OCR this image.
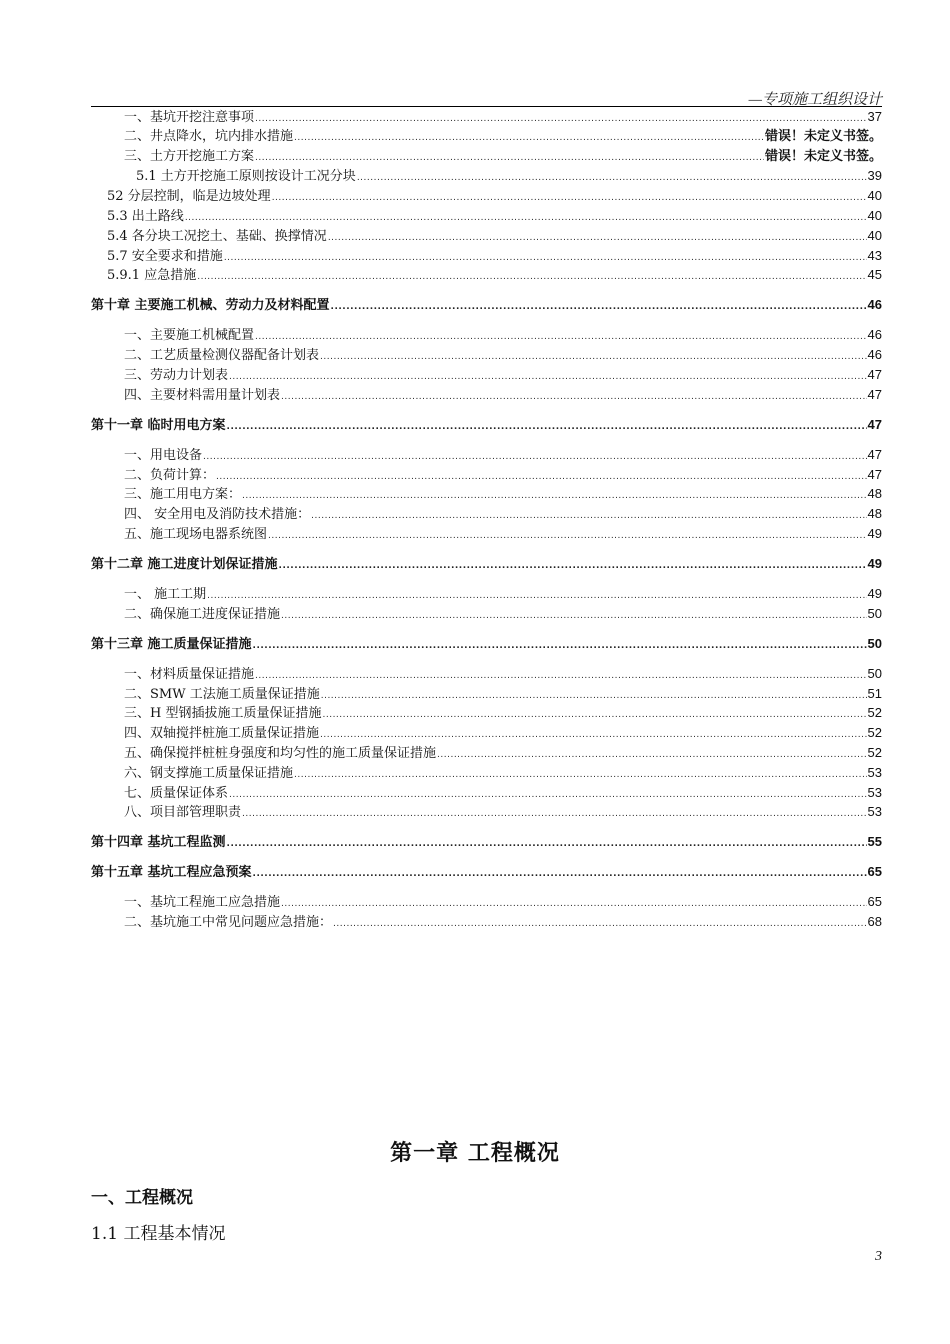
—专项施工组织设计
一、基坑开挖注意事项 .....	37
二、井点降水，坑内排水措施 .....	错误！未定义书签。
三、土方开挖施工方案 .....	错误！未定义书签。
5.1 土方开挖施工原则按设计工况分块 .....	39
52 分层控制，临是边坡处理 .....	40
5.3 出土路线 .....	40
5.4 各分块工况挖土、基础、换撑情况 .....	40
5.7 安全要求和措施 .....	43
5.9.1 应急措施 .....	45
第十章 主要施工机械、劳动力及材料配置 .....	46
一、主要施工机械配置 .....	46
二、工艺质量检测仪器配备计划表 .....	46
三、劳动力计划表 .....	47
四、主要材料需用量计划表 .....	47
第十一章 临时用电方案 .....	47
一、用电设备 .....	47
二、负荷计算： .....	47
三、施工用电方案： .....	48
四、 安全用电及消防技术措施： .....	48
五、施工现场电器系统图 .....	49
第十二章 施工进度计划保证措施 .....	49
一、 施工工期 .....	49
二、确保施工进度保证措施 .....	50
第十三章 施工质量保证措施 .....	50
一、材料质量保证措施 .....	50
二、SMW 工法施工质量保证措施 .....	51
三、H 型钢插拔施工质量保证措施 .....	52
四、双轴搅拌桩施工质量保证措施 .....	52
五、确保搅拌桩桩身强度和均匀性的施工质量保证措施 .....	52
六、钢支撑施工质量保证措施 .....	53
七、质量保证体系 .....	53
八、项目部管理职责 .....	53
第十四章 基坑工程监测 .....	55
第十五章 基坑工程应急预案 .....	65
一、基坑工程施工应急措施 .....	65
二、基坑施工中常见问题应急措施： .....	68
第一章 工程概况
一、工程概况
1.1 工程基本情况
3
